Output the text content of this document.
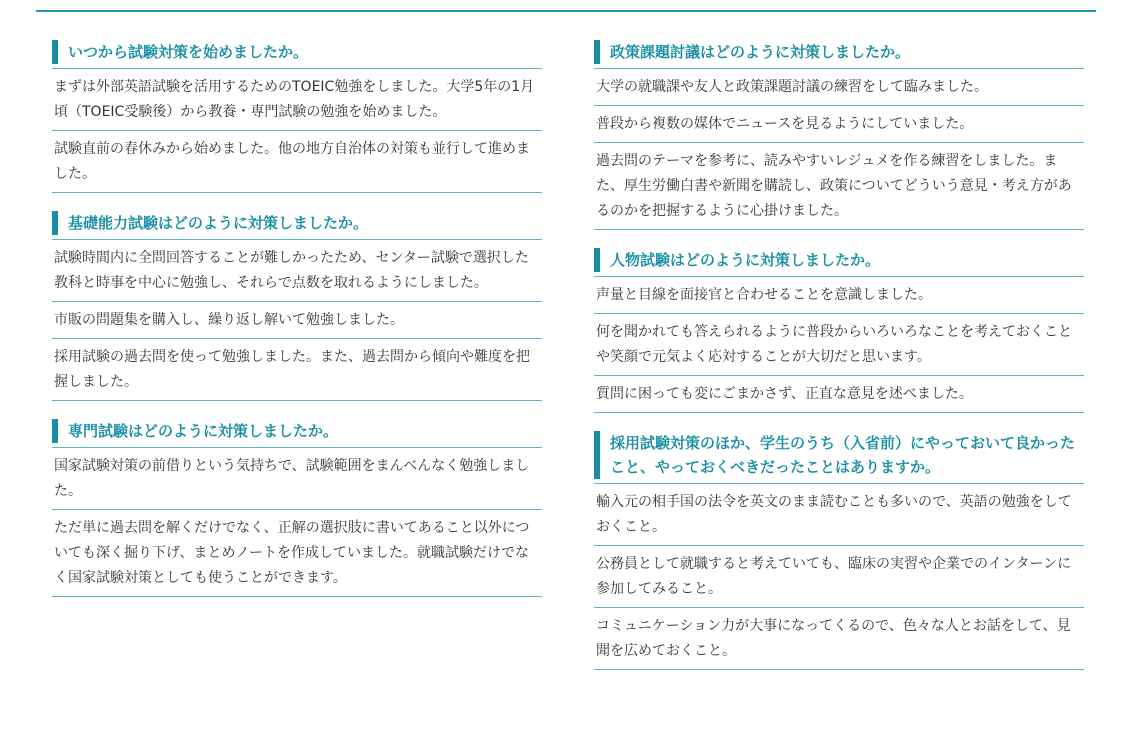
いつから試験対策を始めましたか。
まずは外部英語試験を活用するためのTOEIC勉強をしました。大学5年の1月頃（TOEIC受験後）から教養・専門試験の勉強を始めました。
試験直前の春休みから始めました。他の地方自治体の対策も並行して進めました。
基礎能力試験はどのように対策しましたか。
試験時間内に全問回答することが難しかったため、センター試験で選択した教科と時事を中心に勉強し、それらで点数を取れるようにしました。
市販の問題集を購入し、繰り返し解いて勉強しました。
採用試験の過去問を使って勉強しました。また、過去問から傾向や難度を把握しました。
専門試験はどのように対策しましたか。
国家試験対策の前借りという気持ちで、試験範囲をまんべんなく勉強しました。
ただ単に過去問を解くだけでなく、正解の選択肢に書いてあること以外についても深く掘り下げ、まとめノートを作成していました。就職試験だけでなく国家試験対策としても使うことができます。
政策課題討議はどのように対策しましたか。
大学の就職課や友人と政策課題討議の練習をして臨みました。
普段から複数の媒体でニュースを見るようにしていました。
過去問のテーマを参考に、読みやすいレジュメを作る練習をしました。また、厚生労働白書や新聞を購読し、政策についてどういう意見・考え方があるのかを把握するように心掛けました。
人物試験はどのように対策しましたか。
声量と目線を面接官と合わせることを意識しました。
何を聞かれても答えられるように普段からいろいろなことを考えておくことや笑顔で元気よく応対することが大切だと思います。
質問に困っても変にごまかさず、正直な意見を述べました。
採用試験対策のほか、学生のうち（入省前）にやっておいて良かったこと、やっておくべきだったことはありますか。
輸入元の相手国の法令を英文のまま読むことも多いので、英語の勉強をしておくこと。
公務員として就職すると考えていても、臨床の実習や企業でのインターンに参加してみること。
コミュニケーション力が大事になってくるので、色々な人とお話をして、見聞を広めておくこと。
